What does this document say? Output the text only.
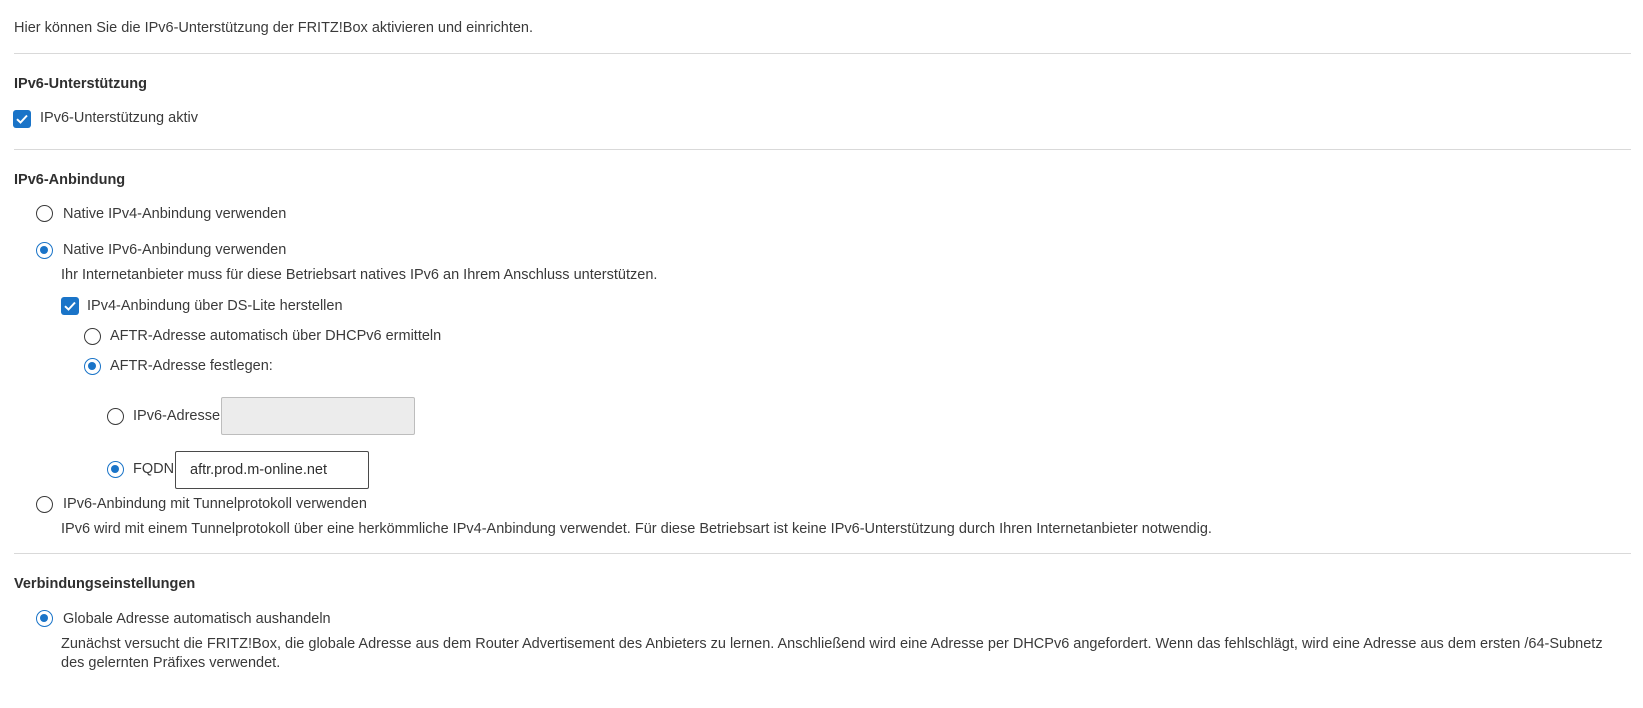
Hier können Sie die IPv6-Unterstützung der FRITZ!Box aktivieren und einrichten.
IPv6-Unterstützung
IPv6-Unterstützung aktiv
IPv6-Anbindung
Native IPv4-Anbindung verwenden
Native IPv6-Anbindung verwenden
Ihr Internetanbieter muss für diese Betriebsart natives IPv6 an Ihrem Anschluss unterstützen.
IPv4-Anbindung über DS-Lite herstellen
AFTR-Adresse automatisch über DHCPv6 ermitteln
AFTR-Adresse festlegen:
IPv6-Adresse
FQDN
aftr.prod.m-online.net
IPv6-Anbindung mit Tunnelprotokoll verwenden
IPv6 wird mit einem Tunnelprotokoll über eine herkömmliche IPv4-Anbindung verwendet. Für diese Betriebsart ist keine IPv6-Unterstützung durch Ihren Internetanbieter notwendig.
Verbindungseinstellungen
Globale Adresse automatisch aushandeln
Zunächst versucht die FRITZ!Box, die globale Adresse aus dem Router Advertisement des Anbieters zu lernen. Anschließend wird eine Adresse per DHCPv6 angefordert. Wenn das fehlschlägt, wird eine Adresse aus dem ersten /64-Subnetz
des gelernten Präfixes verwendet.
